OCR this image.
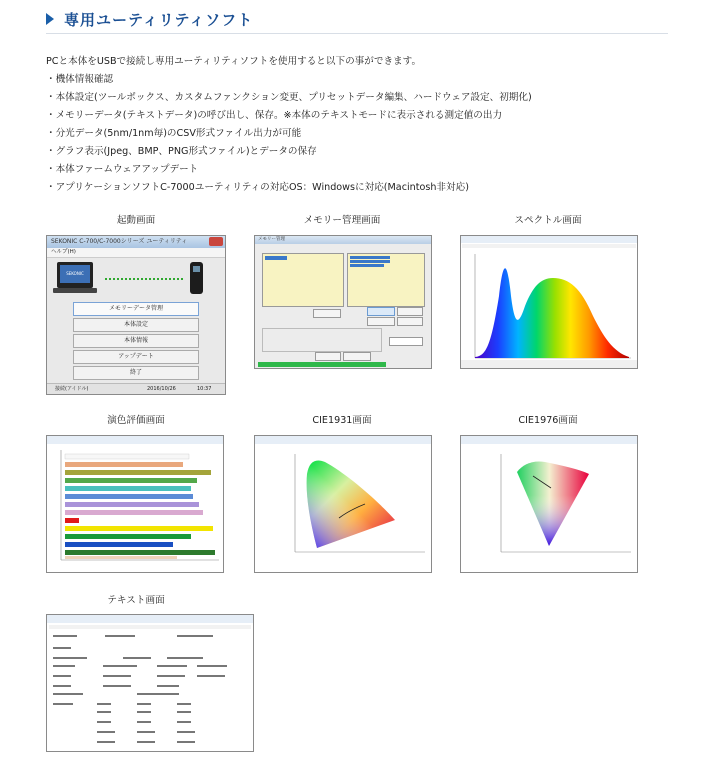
専用ユーティリティソフト
PCと本体をUSBで接続し専用ユーティリティソフトを使用すると以下の事ができます。
・機体情報確認
・本体設定(ツールボックス、カスタムファンクション変更、プリセットデータ編集、ハードウェア設定、初期化)
・メモリーデータ(テキストデータ)の呼び出し、保存。※本体のテキストモードに表示される測定値の出力
・分光データ(5nm/1nm毎)のCSV形式ファイル出力が可能
・グラフ表示(Jpeg、BMP、PNG形式ファイル)とデータの保存
・本体ファームウェアアップデート
・アプリケーションソフトC-7000ユーティリティの対応OS：Windowsに対応(Macintosh非対応)
起動画面	メモリー管理画面	スペクトル画面
SEKONIC C-700/C-7000シリーズ ユーティリティ
ヘルプ(H)
SEKONIC
メモリーデータ管理
本体設定
本体情報
アップデート
終了
接続(アイドル)	2016/10/26	10:37
メモリー管理
演色評価画面	CIE1931画面	CIE1976画面
テキスト画面
